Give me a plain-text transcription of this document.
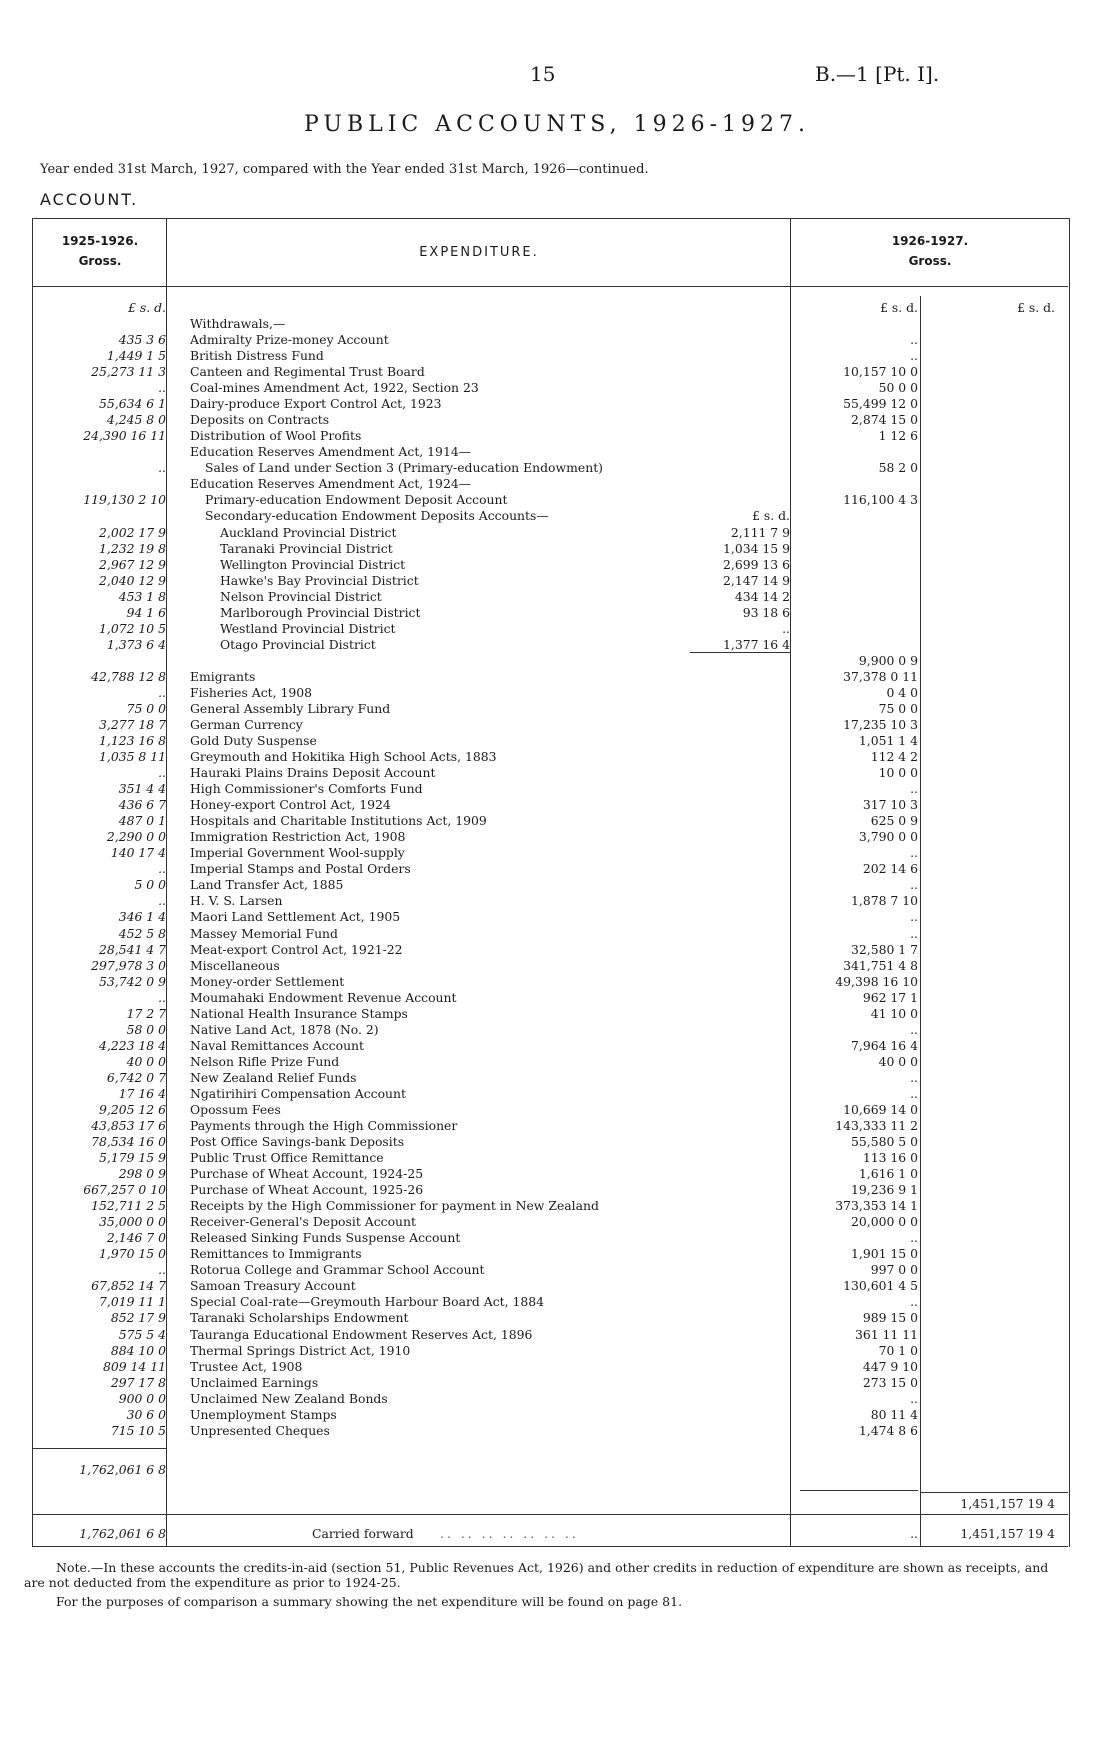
15	B.—1 [Pt. I].
PUBLIC ACCOUNTS, 1926-1927.
Year ended 31st March, 1927, compared with the Year ended 31st March, 1926—continued.
ACCOUNT.
1925-1926.
Gross.
EXPENDITURE.
1926-1927.
Gross.
£ s. d.	£ s. d.	£ s. d.
Withdrawals,—
435 3 6 Admiralty Prize-money Account	..
1,449 1 5 British Distress Fund	..
25,273 11 3 Canteen and Regimental Trust Board	10,157 10 0
.. Coal-mines Amendment Act, 1922, Section 23	50 0 0
55,634 6 1 Dairy-produce Export Control Act, 1923	55,499 12 0
4,245 8 0 Deposits on Contracts	2,874 15 0
24,390 16 11 Distribution of Wool Profits	1 12 6
Education Reserves Amendment Act, 1914—
..	Sales of Land under Section 3 (Primary-education Endowment)	58 2 0
Education Reserves Amendment Act, 1924—
119,130 2 10	Primary-education Endowment Deposit Account	116,100 4 3
Secondary-education Endowment Deposits Accounts—	£ s. d.
2,002 17 9	Auckland Provincial District	2,111 7 9
1,232 19 8	Taranaki Provincial District	1,034 15 9
2,967 12 9	Wellington Provincial District	2,699 13 6
2,040 12 9	Hawke's Bay Provincial District	2,147 14 9
453 1 8	Nelson Provincial District	434 14 2
94 1 6	Marlborough Provincial District	93 18 6
1,072 10 5	Westland Provincial District	..
1,373 6 4	Otago Provincial District	1,377 16 4
9,900 0 9
42,788 12 8 Emigrants	37,378 0 11
.. Fisheries Act, 1908	0 4 0
75 0 0 General Assembly Library Fund	75 0 0
3,277 18 7 German Currency	17,235 10 3
1,123 16 8 Gold Duty Suspense	1,051 1 4
1,035 8 11 Greymouth and Hokitika High School Acts, 1883	112 4 2
.. Hauraki Plains Drains Deposit Account	10 0 0
351 4 4 High Commissioner's Comforts Fund	..
436 6 7 Honey-export Control Act, 1924	317 10 3
487 0 1 Hospitals and Charitable Institutions Act, 1909	625 0 9
2,290 0 0 Immigration Restriction Act, 1908	3,790 0 0
140 17 4 Imperial Government Wool-supply	..
.. Imperial Stamps and Postal Orders	202 14 6
5 0 0 Land Transfer Act, 1885	..
.. H. V. S. Larsen	1,878 7 10
346 1 4 Maori Land Settlement Act, 1905	..
452 5 8 Massey Memorial Fund	..
28,541 4 7 Meat-export Control Act, 1921-22	32,580 1 7
297,978 3 0 Miscellaneous	341,751 4 8
53,742 0 9 Money-order Settlement	49,398 16 10
.. Moumahaki Endowment Revenue Account	962 17 1
17 2 7 National Health Insurance Stamps	41 10 0
58 0 0 Native Land Act, 1878 (No. 2)	..
4,223 18 4 Naval Remittances Account	7,964 16 4
40 0 0 Nelson Rifle Prize Fund	40 0 0
6,742 0 7 New Zealand Relief Funds	..
17 16 4 Ngatirihiri Compensation Account	..
9,205 12 6 Opossum Fees	10,669 14 0
43,853 17 6 Payments through the High Commissioner	143,333 11 2
78,534 16 0 Post Office Savings-bank Deposits	55,580 5 0
5,179 15 9 Public Trust Office Remittance	113 16 0
298 0 9 Purchase of Wheat Account, 1924-25	1,616 1 0
667,257 0 10 Purchase of Wheat Account, 1925-26	19,236 9 1
152,711 2 5 Receipts by the High Commissioner for payment in New Zealand	373,353 14 1
35,000 0 0 Receiver-General's Deposit Account	20,000 0 0
2,146 7 0 Released Sinking Funds Suspense Account	..
1,970 15 0 Remittances to Immigrants	1,901 15 0
.. Rotorua College and Grammar School Account	997 0 0
67,852 14 7 Samoan Treasury Account	130,601 4 5
7,019 11 1 Special Coal-rate—Greymouth Harbour Board Act, 1884	..
852 17 9 Taranaki Scholarships Endowment	989 15 0
575 5 4 Tauranga Educational Endowment Reserves Act, 1896	361 11 11
884 10 0 Thermal Springs District Act, 1910	70 1 0
809 14 11 Trustee Act, 1908	447 9 10
297 17 8 Unclaimed Earnings	273 15 0
900 0 0 Unclaimed New Zealand Bonds	..
30 6 0 Unemployment Stamps	80 11 4
715 10 5 Unpresented Cheques	1,474 8 6
1,762,061 6 8
1,451,157 19 4
1,762,061 6 8	Carried forward .. .. .. .. .. .. ..	..	1,451,157 19 4
Note.—In these accounts the credits-in-aid (section 51, Public Revenues Act, 1926) and other credits in reduction of expenditure are shown as receipts, and are not deducted from the expenditure as prior to 1924-25.
For the purposes of comparison a summary showing the net expenditure will be found on page 81.
